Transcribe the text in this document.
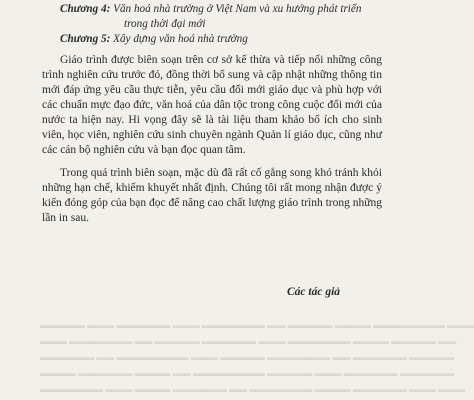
Chương 4: Văn hoá nhà trường ở Việt Nam và xu hướng phát triển trong thời đại mới
Chương 5: Xây dựng văn hoá nhà trường

Giáo trình được biên soạn trên cơ sở kế thừa và tiếp nối những công trình nghiên cứu trước đó, đồng thời bổ sung và cập nhật những thông tin mới đáp ứng yêu cầu thực tiễn, yêu cầu đổi mới giáo dục và phù hợp với các chuẩn mực đạo đức, văn hoá của dân tộc trong công cuộc đổi mới của nước ta hiện nay. Hi vọng đây sẽ là tài liệu tham khảo bổ ích cho sinh viên, học viên, nghiên cứu sinh chuyên ngành Quản lí giáo dục, cũng như các cán bộ nghiên cứu và bạn đọc quan tâm.

Trong quá trình biên soạn, mặc dù đã rất cố gắng song khó tránh khỏi những hạn chế, khiếm khuyết nhất định. Chúng tôi rất mong nhận được ý kiến đóng góp của bạn đọc để nâng cao chất lượng giáo trình trong những lần in sau.

Các tác giả
▬▬▬▬▬ ▬▬▬ ▬▬▬▬▬▬ ▬▬▬ ▬▬▬▬▬▬▬ ▬▬ ▬▬▬▬▬ ▬▬▬▬ ▬▬▬▬▬▬▬▬ ▬▬▬
▬▬▬ ▬▬▬▬▬▬▬ ▬▬ ▬▬▬▬▬ ▬▬▬▬▬▬ ▬▬▬ ▬▬▬▬▬▬▬ ▬▬▬▬ ▬▬▬▬▬ ▬▬
▬▬▬▬▬▬ ▬▬ ▬▬▬▬▬▬▬▬ ▬▬▬ ▬▬▬▬▬ ▬▬▬▬▬▬▬ ▬▬ ▬▬▬▬▬▬ ▬▬▬▬▬
▬▬▬▬ ▬▬▬▬▬▬ ▬▬▬▬ ▬▬ ▬▬▬▬▬▬▬▬ ▬▬▬▬▬ ▬▬▬ ▬▬▬▬▬▬ ▬▬▬▬▬▬
▬▬▬▬▬▬▬ ▬▬▬ ▬▬▬▬ ▬▬▬▬▬▬ ▬▬ ▬▬▬▬▬▬▬ ▬▬▬▬ ▬▬▬▬▬▬ ▬▬▬ ▬▬▬
